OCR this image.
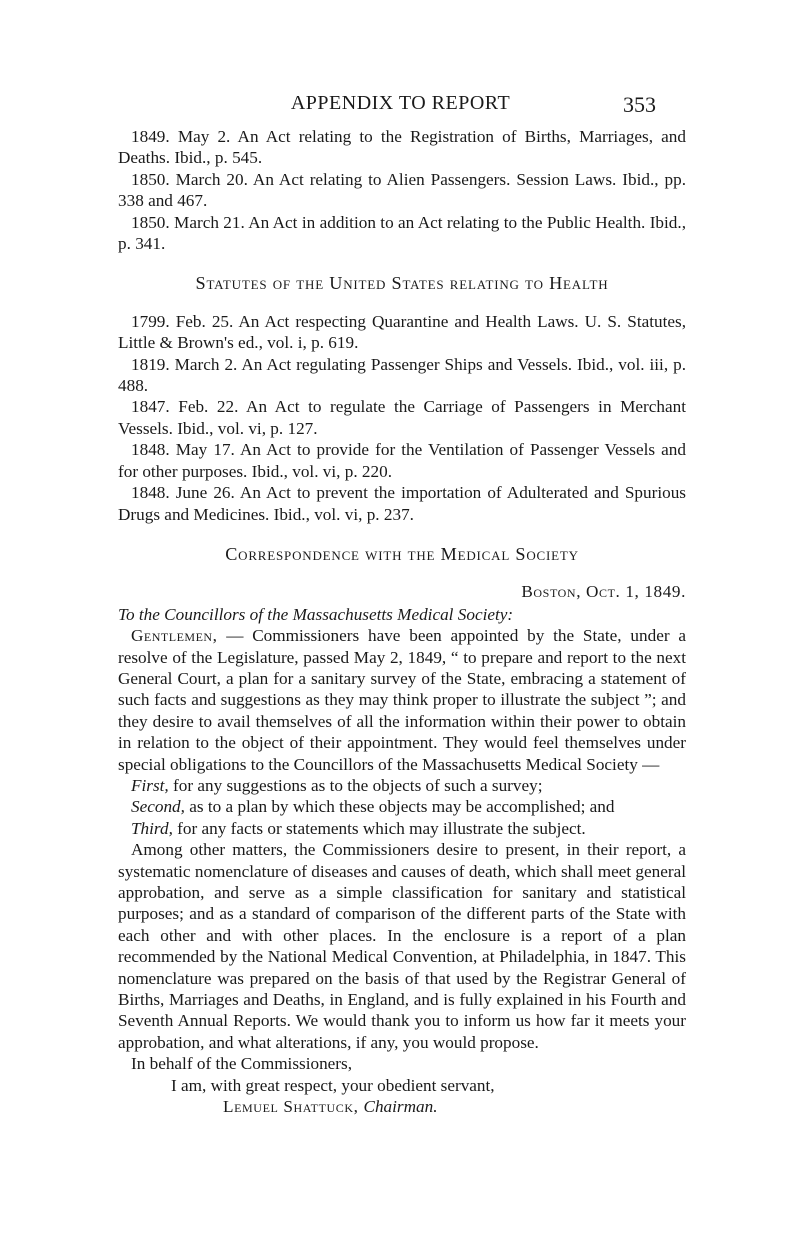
APPENDIX TO REPORT	353

1849. May 2. An Act relating to the Registration of Births, Marriages, and Deaths. Ibid., p. 545.

1850. March 20. An Act relating to Alien Passengers. Session Laws. Ibid., pp. 338 and 467.

1850. March 21. An Act in addition to an Act relating to the Public Health. Ibid., p. 341.

Statutes of the United States relating to Health

1799. Feb. 25. An Act respecting Quarantine and Health Laws. U. S. Statutes, Little & Brown's ed., vol. i, p. 619.

1819. March 2. An Act regulating Passenger Ships and Vessels. Ibid., vol. iii, p. 488.

1847. Feb. 22. An Act to regulate the Carriage of Passengers in Merchant Vessels. Ibid., vol. vi, p. 127.

1848. May 17. An Act to provide for the Ventilation of Passenger Vessels and for other purposes. Ibid., vol. vi, p. 220.

1848. June 26. An Act to prevent the importation of Adulterated and Spurious Drugs and Medicines. Ibid., vol. vi, p. 237.

Correspondence with the Medical Society

Boston, Oct. 1, 1849.

To the Councillors of the Massachusetts Medical Society:

Gentlemen, — Commissioners have been appointed by the State, under a resolve of the Legislature, passed May 2, 1849, “ to prepare and report to the next General Court, a plan for a sanitary survey of the State, embracing a statement of such facts and suggestions as they may think proper to illustrate the subject ”; and they desire to avail themselves of all the information within their power to obtain in relation to the object of their appointment. They would feel themselves under special obligations to the Councillors of the Massachusetts Medical Society —

First, for any suggestions as to the objects of such a survey;

Second, as to a plan by which these objects may be accomplished; and

Third, for any facts or statements which may illustrate the subject.

Among other matters, the Commissioners desire to present, in their report, a systematic nomenclature of diseases and causes of death, which shall meet general approbation, and serve as a simple classification for sanitary and statistical purposes; and as a standard of comparison of the different parts of the State with each other and with other places. In the enclosure is a report of a plan recommended by the National Medical Convention, at Philadelphia, in 1847. This nomenclature was prepared on the basis of that used by the Registrar General of Births, Marriages and Deaths, in England, and is fully explained in his Fourth and Seventh Annual Reports. We would thank you to inform us how far it meets your approbation, and what alterations, if any, you would propose.

In behalf of the Commissioners,

I am, with great respect, your obedient servant,

Lemuel Shattuck, Chairman.
